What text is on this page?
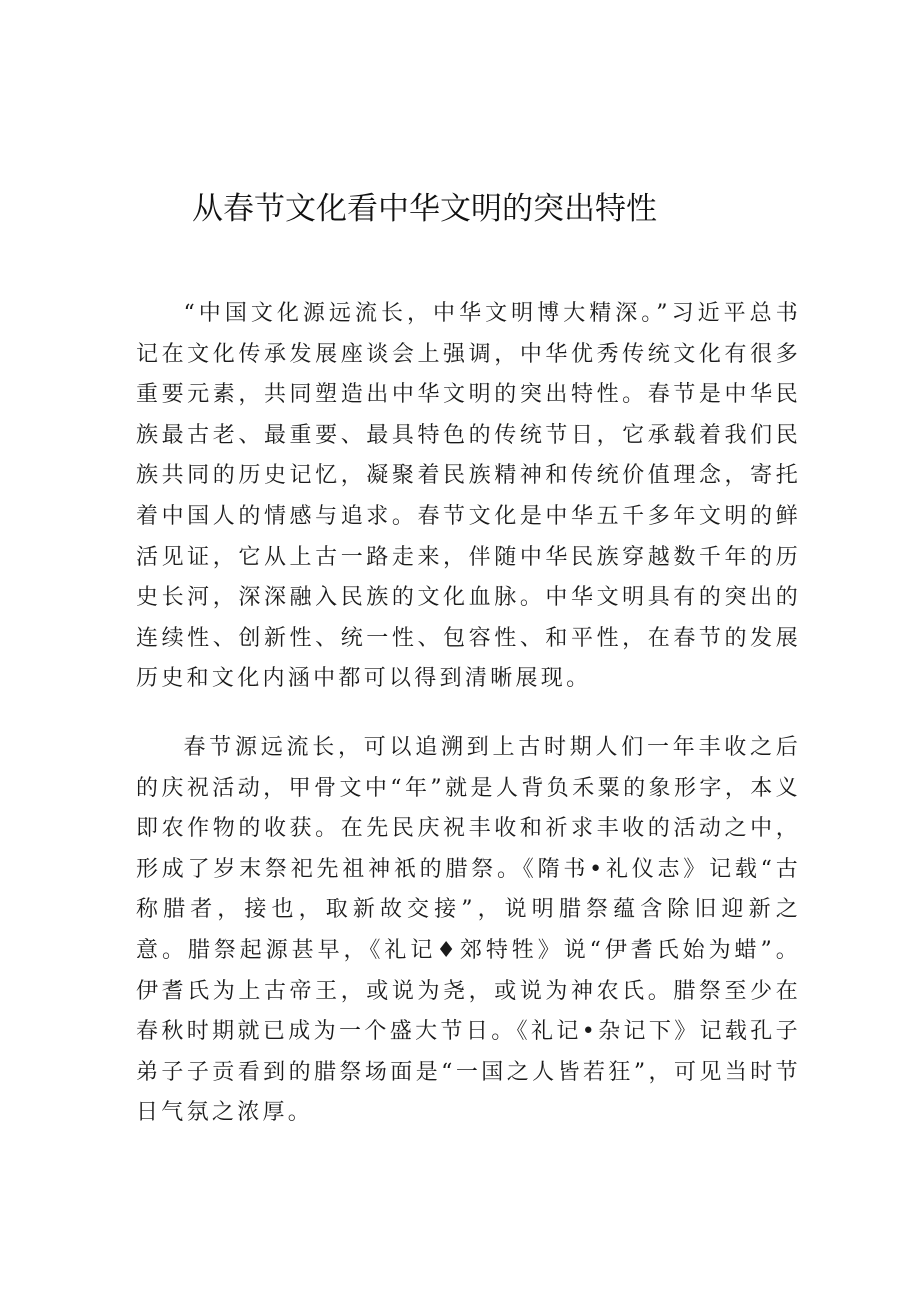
从春节文化看中华文明的突出特性

“中国文化源远流长，中华文明博大精深。”习近平总书记在文化传承发展座谈会上强调，中华优秀传统文化有很多重要元素，共同塑造出中华文明的突出特性。春节是中华民族最古老、最重要、最具特色的传统节日，它承载着我们民族共同的历史记忆，凝聚着民族精神和传统价值理念，寄托着中国人的情感与追求。春节文化是中华五千多年文明的鲜活见证，它从上古一路走来，伴随中华民族穿越数千年的历史长河，深深融入民族的文化血脉。中华文明具有的突出的连续性、创新性、统一性、包容性、和平性，在春节的发展历史和文化内涵中都可以得到清晰展现。

春节源远流长，可以追溯到上古时期人们一年丰收之后的庆祝活动，甲骨文中“年”就是人背负禾粟的象形字，本义即农作物的收获。在先民庆祝丰收和祈求丰收的活动之中，形成了岁末祭祀先祖神祇的腊祭。《隋书•礼仪志》记载“古称腊者，接也，取新故交接”，说明腊祭蕴含除旧迎新之意。腊祭起源甚早，《礼记♦郊特牲》说“伊耆氏始为蜡”。伊耆氏为上古帝王，或说为尧，或说为神农氏。腊祭至少在春秋时期就已成为一个盛大节日。《礼记•杂记下》记载孔子弟子子贡看到的腊祭场面是“一国之人皆若狂”，可见当时节日气氛之浓厚。
